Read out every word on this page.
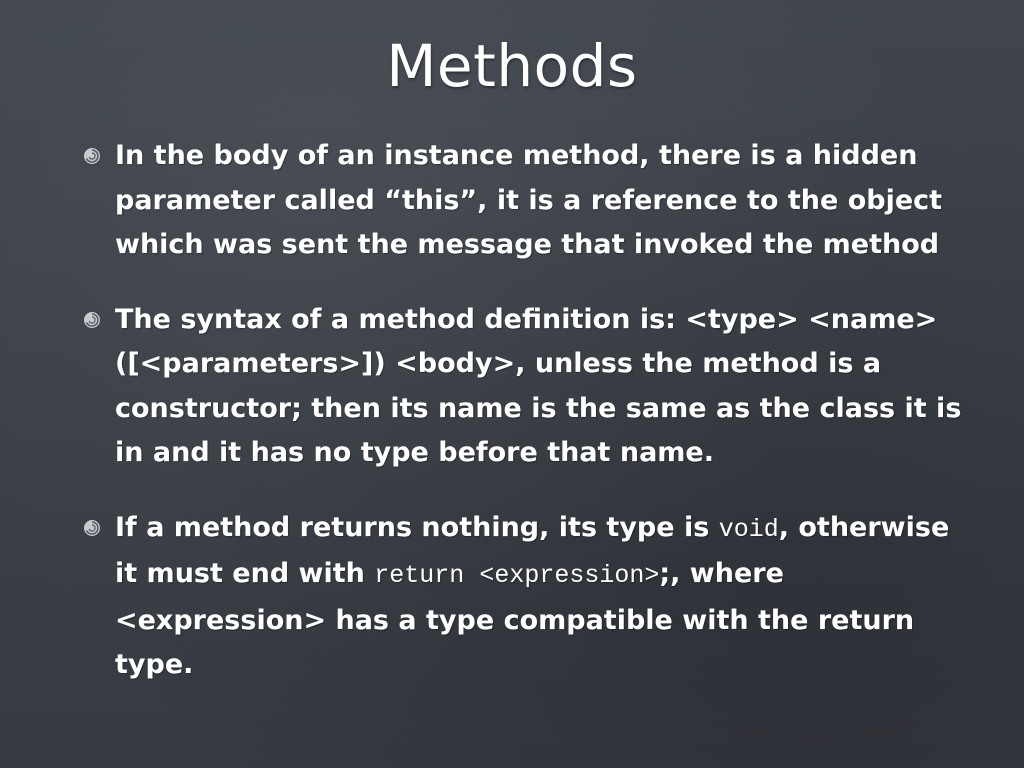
Methods
In the body of an instance method, there is a hidden parameter called “this”, it is a reference to the object which was sent the message that invoked the method
The syntax of a method definition is: <type> <name> ([<parameters>]) <body>, unless the method is a constructor; then its name is the same as the class it is in and it has no type before that name.
If a method returns nothing, its type is void, otherwise it must end with return <expression>;, where <expression> has a type compatible with the return type.
